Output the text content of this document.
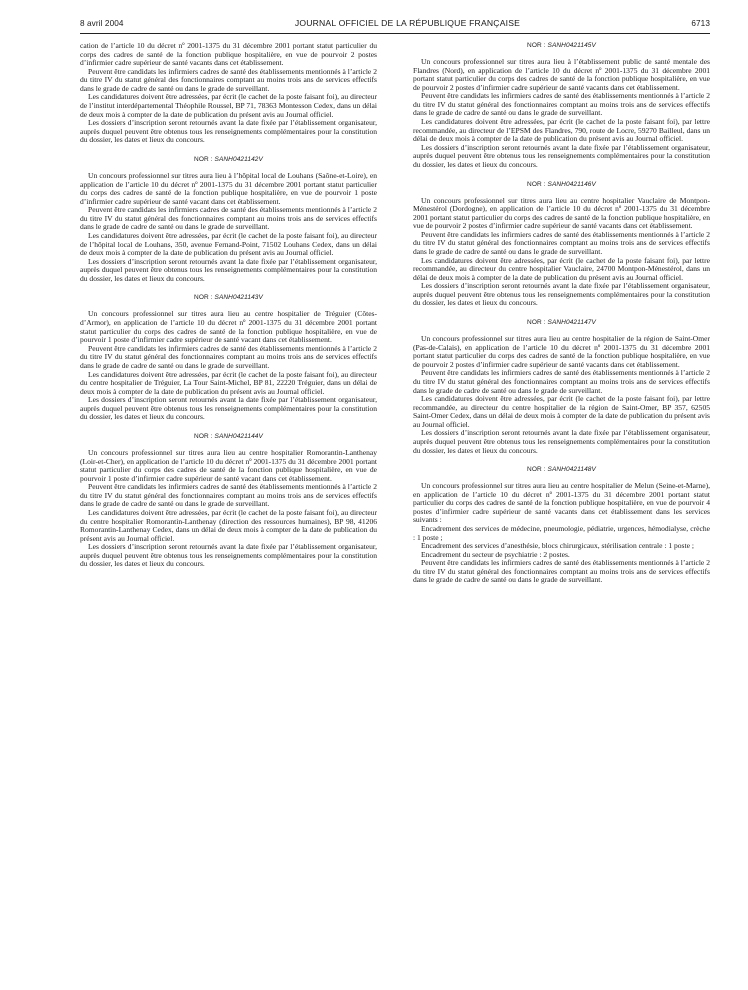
8 avril 2004	JOURNAL OFFICIEL DE LA RÉPUBLIQUE FRANÇAISE	6713

cation de l’article 10 du décret nº 2001-1375 du 31 décembre 2001 portant statut particulier du corps des cadres de santé de la fonction publique hospitalière, en vue de pourvoir 2 postes d’infirmier cadre supérieur de santé vacants dans cet établissement.

Peuvent être candidats les infirmiers cadres de santé des établissements mentionnés à l’article 2 du titre IV du statut général des fonctionnaires comptant au moins trois ans de services effectifs dans le grade de cadre de santé ou dans le grade de surveillant.

Les candidatures doivent être adressées, par écrit (le cachet de la poste faisant foi), au directeur de l’institut interdépartemental Théophile Roussel, BP 71, 78363 Montesson Cedex, dans un délai de deux mois à compter de la date de publication du présent avis au Journal officiel.

Les dossiers d’inscription seront retournés avant la date fixée par l’établissement organisateur, auprès duquel peuvent être obtenus tous les renseignements complémentaires pour la constitution du dossier, les dates et lieux du concours.

NOR : SANH0421142V

Un concours professionnel sur titres aura lieu à l’hôpital local de Louhans (Saône-et-Loire), en application de l’article 10 du décret nº 2001-1375 du 31 décembre 2001 portant statut particulier du corps des cadres de santé de la fonction publique hospitalière, en vue de pourvoir 1 poste d’infirmier cadre supérieur de santé vacant dans cet établissement.

Peuvent être candidats les infirmiers cadres de santé des établissements mentionnés à l’article 2 du titre IV du statut général des fonctionnaires comptant au moins trois ans de services effectifs dans le grade de cadre de santé ou dans le grade de surveillant.

Les candidatures doivent être adressées, par écrit (le cachet de la poste faisant foi), au directeur de l’hôpital local de Louhans, 350, avenue Fernand-Point, 71502 Louhans Cedex, dans un délai de deux mois à compter de la date de publication du présent avis au Journal officiel.

Les dossiers d’inscription seront retournés avant la date fixée par l’établissement organisateur, auprès duquel peuvent être obtenus tous les renseignements complémentaires pour la constitution du dossier, les dates et lieux du concours.

NOR : SANH0421143V

Un concours professionnel sur titres aura lieu au centre hospitalier de Tréguier (Côtes-d’Armor), en application de l’article 10 du décret nº 2001-1375 du 31 décembre 2001 portant statut particulier du corps des cadres de santé de la fonction publique hospitalière, en vue de pourvoir 1 poste d’infirmier cadre supérieur de santé vacant dans cet établissement.

Peuvent être candidats les infirmiers cadres de santé des établissements mentionnés à l’article 2 du titre IV du statut général des fonctionnaires comptant au moins trois ans de services effectifs dans le grade de cadre de santé ou dans le grade de surveillant.

Les candidatures doivent être adressées, par écrit (le cachet de la poste faisant foi), au directeur du centre hospitalier de Tréguier, La Tour Saint-Michel, BP 81, 22220 Tréguier, dans un délai de deux mois à compter de la date de publication du présent avis au Journal officiel.

Les dossiers d’inscription seront retournés avant la date fixée par l’établissement organisateur, auprès duquel peuvent être obtenus tous les renseignements complémentaires pour la constitution du dossier, les dates et lieux du concours.

NOR : SANH0421144V

Un concours professionnel sur titres aura lieu au centre hospitalier Romorantin-Lanthenay (Loir-et-Cher), en application de l’article 10 du décret nº 2001-1375 du 31 décembre 2001 portant statut particulier du corps des cadres de santé de la fonction publique hospitalière, en vue de pourvoir 1 poste d’infirmier cadre supérieur de santé vacant dans cet établissement.

Peuvent être candidats les infirmiers cadres de santé des établissements mentionnés à l’article 2 du titre IV du statut général des fonctionnaires comptant au moins trois ans de services effectifs dans le grade de cadre de santé ou dans le grade de surveillant.

Les candidatures doivent être adressées, par écrit (le cachet de la poste faisant foi), au directeur du centre hospitalier Romorantin-Lanthenay (direction des ressources humaines), BP 98, 41206 Romorantin-Lanthenay Cedex, dans un délai de deux mois à compter de la date de publication du présent avis au Journal officiel.

Les dossiers d’inscription seront retournés avant la date fixée par l’établissement organisateur, auprès duquel peuvent être obtenus tous les renseignements complémentaires pour la constitution du dossier, les dates et lieux du concours.

NOR : SANH0421145V

Un concours professionnel sur titres aura lieu à l’établissement public de santé mentale des Flandres (Nord), en application de l’article 10 du décret nº 2001-1375 du 31 décembre 2001 portant statut particulier du corps des cadres de santé de la fonction publique hospitalière, en vue de pourvoir 2 postes d’infirmier cadre supérieur de santé vacants dans cet établissement.

Peuvent être candidats les infirmiers cadres de santé des établissements mentionnés à l’article 2 du titre IV du statut général des fonctionnaires comptant au moins trois ans de services effectifs dans le grade de cadre de santé ou dans le grade de surveillant.

Les candidatures doivent être adressées, par écrit (le cachet de la poste faisant foi), par lettre recommandée, au directeur de l’EPSM des Flandres, 790, route de Locre, 59270 Bailleul, dans un délai de deux mois à compter de la date de publication du présent avis au Journal officiel.

Les dossiers d’inscription seront retournés avant la date fixée par l’établissement organisateur, auprès duquel peuvent être obtenus tous les renseignements complémentaires pour la constitution du dossier, les dates et lieux du concours.

NOR : SANH0421146V

Un concours professionnel sur titres aura lieu au centre hospitalier Vauclaire de Montpon-Ménestérol (Dordogne), en application de l’article 10 du décret nº 2001-1375 du 31 décembre 2001 portant statut particulier du corps des cadres de santé de la fonction publique hospitalière, en vue de pourvoir 2 postes d’infirmier cadre supérieur de santé vacants dans cet établissement.

Peuvent être candidats les infirmiers cadres de santé des établissements mentionnés à l’article 2 du titre IV du statut général des fonctionnaires comptant au moins trois ans de services effectifs dans le grade de cadre de santé ou dans le grade de surveillant.

Les candidatures doivent être adressées, par écrit (le cachet de la poste faisant foi), par lettre recommandée, au directeur du centre hospitalier Vauclaire, 24700 Montpon-Ménestérol, dans un délai de deux mois à compter de la date de publication du présent avis au Journal officiel.

Les dossiers d’inscription seront retournés avant la date fixée par l’établissement organisateur, auprès duquel peuvent être obtenus tous les renseignements complémentaires pour la constitution du dossier, les dates et lieux du concours.

NOR : SANH0421147V

Un concours professionnel sur titres aura lieu au centre hospitalier de la région de Saint-Omer (Pas-de-Calais), en application de l’article 10 du décret nº 2001-1375 du 31 décembre 2001 portant statut particulier du corps des cadres de santé de la fonction publique hospitalière, en vue de pourvoir 2 postes d’infirmier cadre supérieur de santé vacants dans cet établissement.

Peuvent être candidats les infirmiers cadres de santé des établissements mentionnés à l’article 2 du titre IV du statut général des fonctionnaires comptant au moins trois ans de services effectifs dans le grade de cadre de santé ou dans le grade de surveillant.

Les candidatures doivent être adressées, par écrit (le cachet de la poste faisant foi), par lettre recommandée, au directeur du centre hospitalier de la région de Saint-Omer, BP 357, 62505 Saint-Omer Cedex, dans un délai de deux mois à compter de la date de publication du présent avis au Journal officiel.

Les dossiers d’inscription seront retournés avant la date fixée par l’établissement organisateur, auprès duquel peuvent être obtenus tous les renseignements complémentaires pour la constitution du dossier, les dates et lieux du concours.

NOR : SANH0421148V

Un concours professionnel sur titres aura lieu au centre hospitalier de Melun (Seine-et-Marne), en application de l’article 10 du décret nº 2001-1375 du 31 décembre 2001 portant statut particulier du corps des cadres de santé de la fonction publique hospitalière, en vue de pourvoir 4 postes d’infirmier cadre supérieur de santé vacants dans cet établissement dans les services suivants :

Encadrement des services de médecine, pneumologie, pédiatrie, urgences, hémodialyse, crèche : 1 poste ;

Encadrement des services d’anesthésie, blocs chirurgicaux, stérilisation centrale : 1 poste ;

Encadrement du secteur de psychiatrie : 2 postes.

Peuvent être candidats les infirmiers cadres de santé des établissements mentionnés à l’article 2 du titre IV du statut général des fonctionnaires comptant au moins trois ans de services effectifs dans le grade de cadre de santé ou dans le grade de surveillant.
